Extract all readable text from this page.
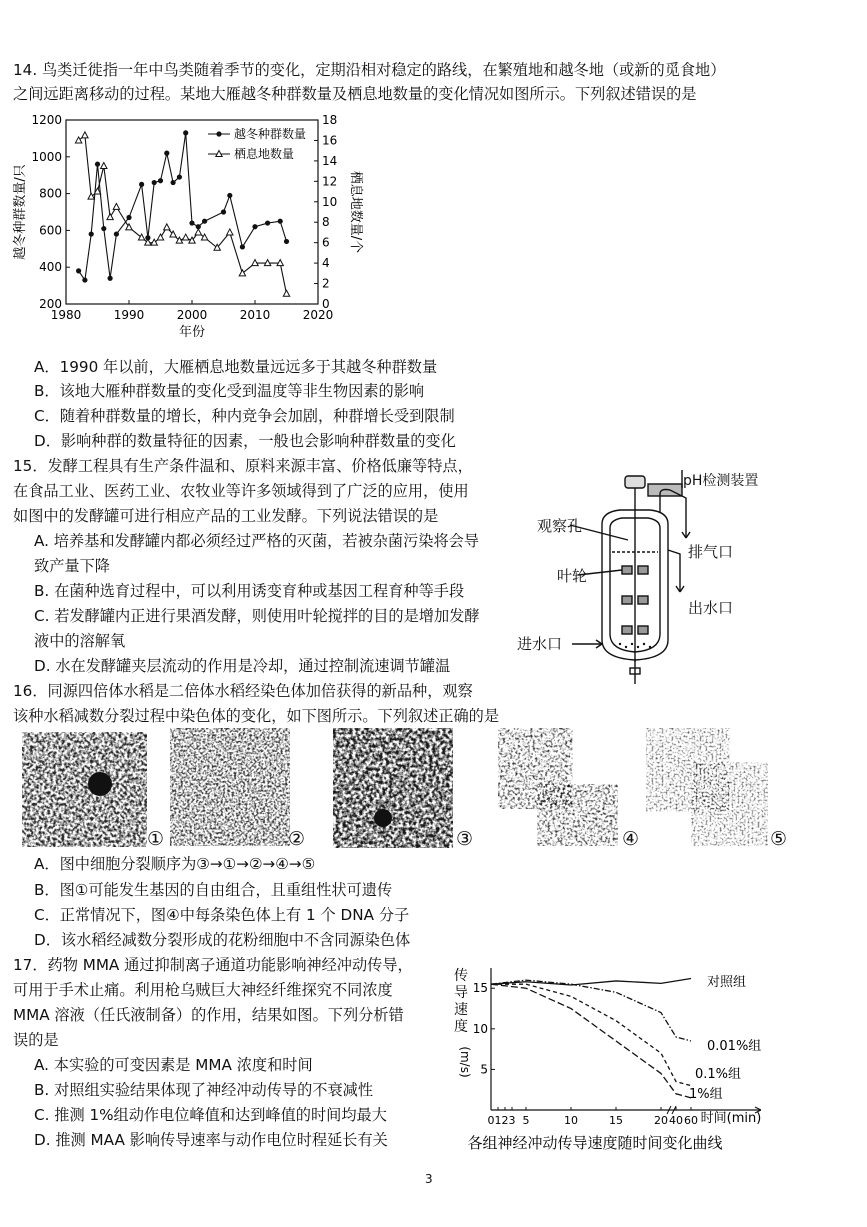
14. 鸟类迁徙指一年中鸟类随着季节的变化，定期沿相对稳定的路线，在繁殖地和越冬地（或新的觅食地）
之间远距离移动的过程。某地大雁越冬种群数量及栖息地数量的变化情况如图所示。下列叙述错误的是
1980	1990	2000	2010	2020
200
400
600
800
1000
1200
0
2
4
6
8
10
12
14
16
18
年份
越冬种群数量/只	栖息地数量/个
越冬种群数量
栖息地数量
A．1990 年以前，大雁栖息地数量远远多于其越冬种群数量
B．该地大雁种群数量的变化受到温度等非生物因素的影响
C．随着种群数量的增长，种内竞争会加剧，种群增长受到限制
D．影响种群的数量特征的因素，一般也会影响种群数量的变化
15．发酵工程具有生产条件温和、原料来源丰富、价格低廉等特点，
在食品工业、医药工业、农牧业等许多领域得到了广泛的应用，使用
如图中的发酵罐可进行相应产品的工业发酵。下列说法错误的是
A. 培养基和发酵罐内都必须经过严格的灭菌，若被杂菌污染将会导
致产量下降
B. 在菌种选育过程中，可以利用诱变育种或基因工程育种等手段
C. 若发酵罐内正进行果酒发酵，则使用叶轮搅拌的目的是增加发酵
液中的溶解氧
D. 水在发酵罐夹层流动的作用是冷却，通过控制流速调节罐温
pH检测装置
观察孔
排气口
叶轮
出水口
进水口
16．同源四倍体水稻是二倍体水稻经染色体加倍获得的新品种，观察
该种水稻减数分裂过程中染色体的变化，如下图所示。下列叙述正确的是
①	②	③	④	⑤
A．图中细胞分裂顺序为③→①→②→④→⑤
B．图①可能发生基因的自由组合，且重组性状可遗传
C．正常情况下，图④中每条染色体上有 1 个 DNA 分子
D．该水稻经减数分裂形成的花粉细胞中不含同源染色体
17．药物 MMA 通过抑制离子通道功能影响神经冲动传导，
可用于手术止痛。利用枪乌贼巨大神经纤维探究不同浓度
MMA 溶液（任氏液制备）的作用，结果如图。下列分析错
误的是
A. 本实验的可变因素是 MMA 浓度和时间
B. 对照组实验结果体现了神经冲动传导的不衰减性
C. 推测 1%组动作电位峰值和达到峰值的时间均最大
D. 推测 MAA 影响传导速率与动作电位时程延长有关
0 1 2 3 5	10	15	20 40 60
5
10
15
时间(min)
传
导
速
度
(m/s)
对照组
0.01%组
0.1%组
1%组
各组神经冲动传导速度随时间变化曲线
3
